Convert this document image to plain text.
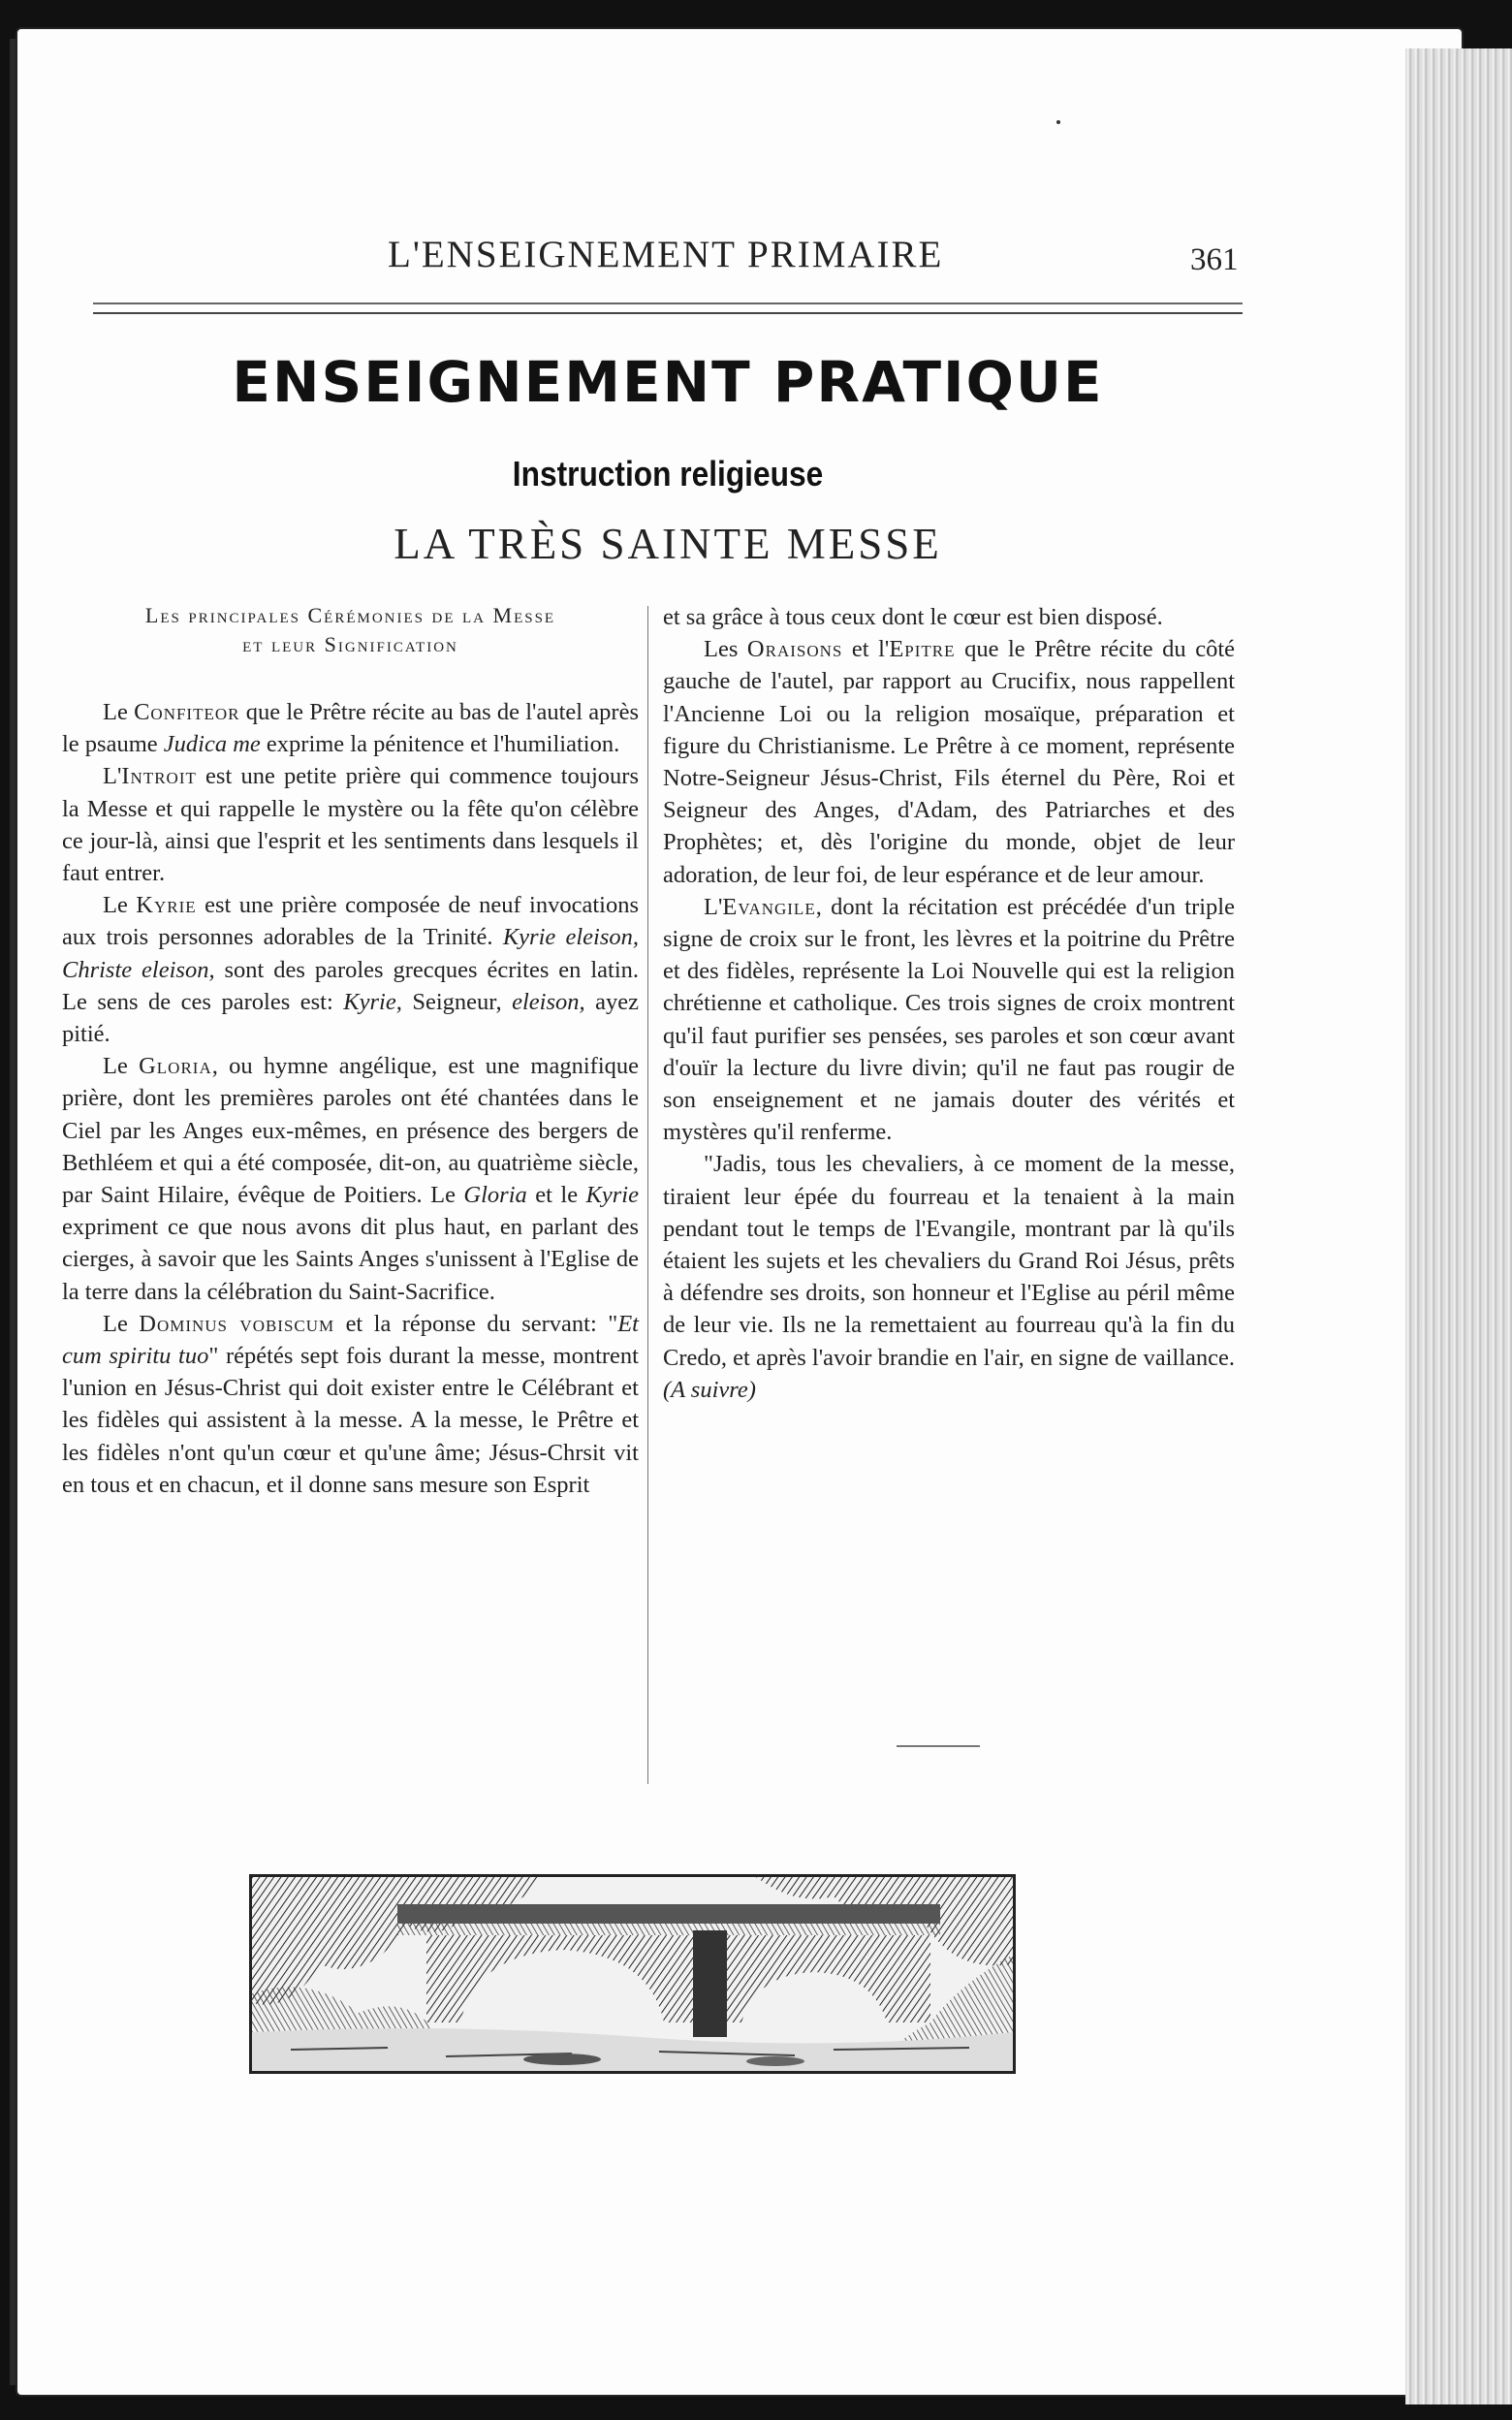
L'ENSEIGNEMENT PRIMAIRE	361
ENSEIGNEMENT PRATIQUE
Instruction religieuse
LA TRÈS SAINTE MESSE
Les principales Cérémonies de la Messe
et leur Signification

Le Confiteor que le Prêtre récite au bas de l'autel après le psaume Judica me exprime la pénitence et l'humiliation.

L'Introit est une petite prière qui commence toujours la Messe et qui rappelle le mystère ou la fête qu'on célèbre ce jour-là, ainsi que l'esprit et les sentiments dans lesquels il faut entrer.

Le Kyrie est une prière composée de neuf invocations aux trois personnes adorables de la Trinité. Kyrie eleison, Christe eleison, sont des paroles grecques écrites en latin. Le sens de ces paroles est: Kyrie, Seigneur, eleison, ayez pitié.

Le Gloria, ou hymne angélique, est une magnifique prière, dont les premières paroles ont été chantées dans le Ciel par les Anges eux-mêmes, en présence des bergers de Bethléem et qui a été composée, dit-on, au quatrième siècle, par Saint Hilaire, évêque de Poitiers. Le Gloria et le Kyrie expriment ce que nous avons dit plus haut, en parlant des cierges, à savoir que les Saints Anges s'unissent à l'Eglise de la terre dans la célébration du Saint-Sacrifice.

Le Dominus vobiscum et la réponse du servant: "Et cum spiritu tuo" répétés sept fois durant la messe, montrent l'union en Jésus-Christ qui doit exister entre le Célébrant et les fidèles qui assistent à la messe. A la messe, le Prêtre et les fidèles n'ont qu'un cœur et qu'une âme; Jésus-Chrsit vit en tous et en chacun, et il donne sans mesure son Esprit

et sa grâce à tous ceux dont le cœur est bien disposé.

Les Oraisons et l'Epitre que le Prêtre récite du côté gauche de l'autel, par rapport au Crucifix, nous rappellent l'Ancienne Loi ou la religion mosaïque, préparation et figure du Christianisme. Le Prêtre à ce moment, représente Notre-Seigneur Jésus-Christ, Fils éternel du Père, Roi et Seigneur des Anges, d'Adam, des Patriarches et des Prophètes; et, dès l'origine du monde, objet de leur adoration, de leur foi, de leur espérance et de leur amour.

L'Evangile, dont la récitation est précédée d'un triple signe de croix sur le front, les lèvres et la poitrine du Prêtre et des fidèles, représente la Loi Nouvelle qui est la religion chrétienne et catholique. Ces trois signes de croix montrent qu'il faut purifier ses pensées, ses paroles et son cœur avant d'ouïr la lecture du livre divin; qu'il ne faut pas rougir de son enseignement et ne jamais douter des vérités et mystères qu'il renferme.

"Jadis, tous les chevaliers, à ce moment de la messe, tiraient leur épée du fourreau et la tenaient à la main pendant tout le temps de l'Evangile, montrant par là qu'ils étaient les sujets et les chevaliers du Grand Roi Jésus, prêts à défendre ses droits, son honneur et l'Eglise au péril même de leur vie. Ils ne la remettaient au fourreau qu'à la fin du Credo, et après l'avoir brandie en l'air, en signe de vaillance. (A suivre)
